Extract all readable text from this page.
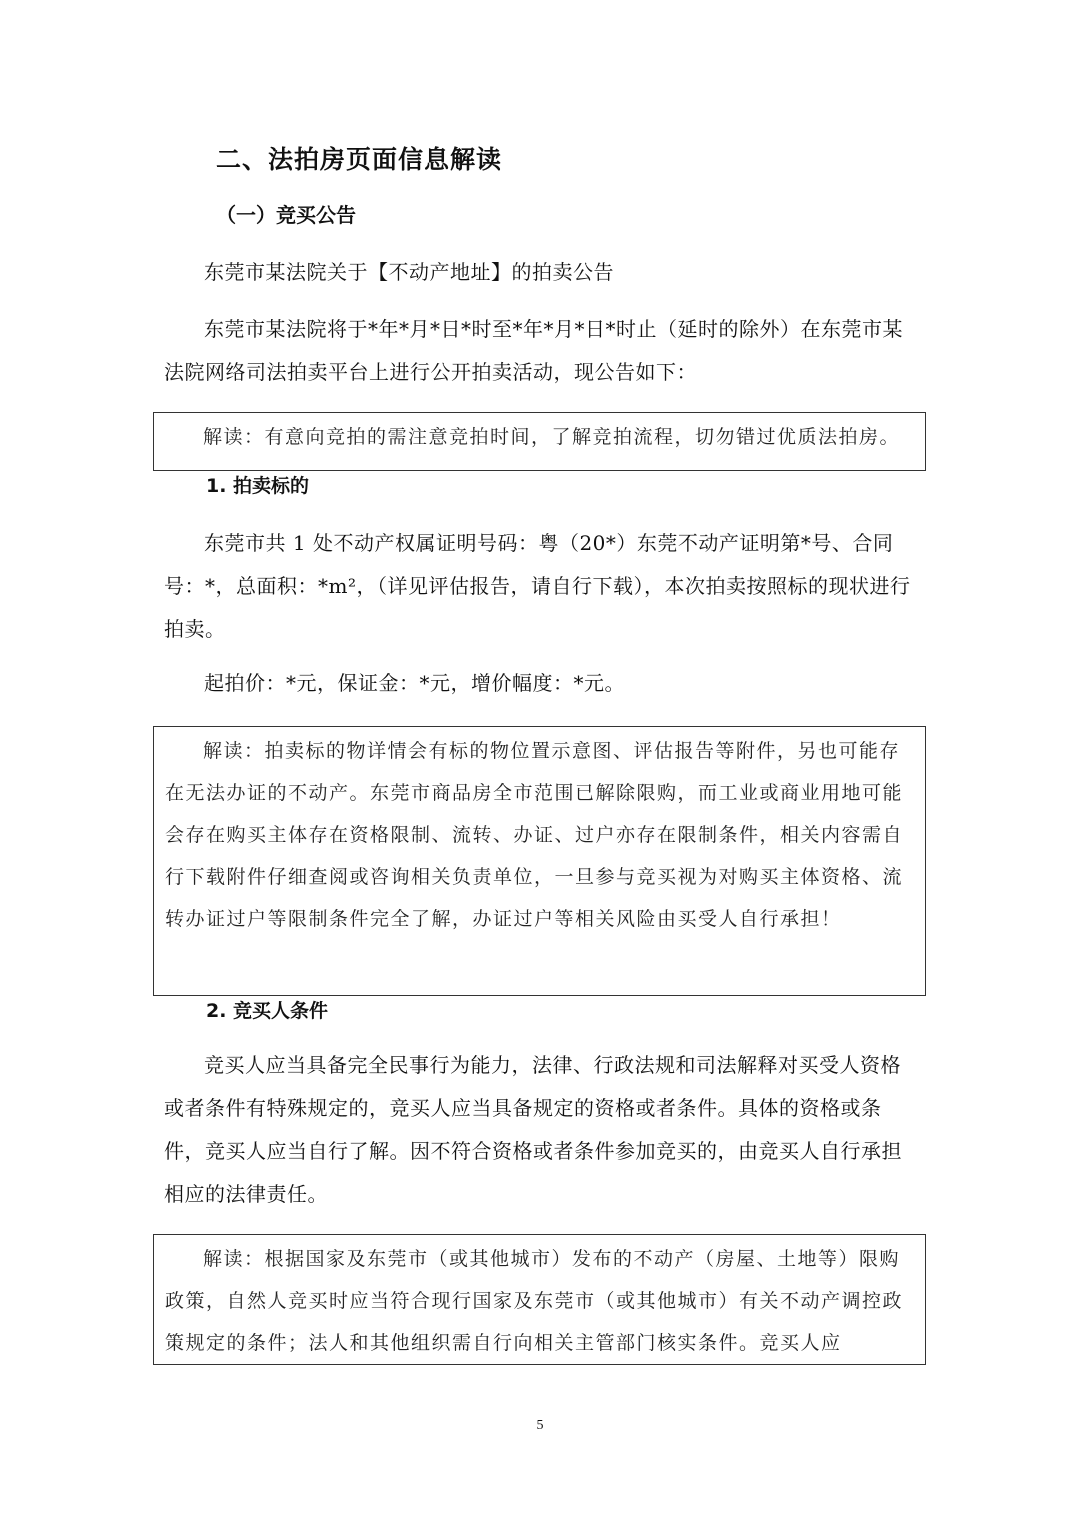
二、法拍房页面信息解读
（一）竞买公告

东莞市某法院关于【不动产地址】的拍卖公告

东莞市某法院将于*年*月*日*时至*年*月*日*时止（延时的除外）在东莞市某法院网络司法拍卖平台上进行公开拍卖活动，现公告如下：

解读：有意向竞拍的需注意竞拍时间，了解竞拍流程，切勿错过优质法拍房。

1. 拍卖标的

东莞市共 1 处不动产权属证明号码：粤（20*）东莞不动产证明第*号、合同号：*，总面积：*m²，（详见评估报告，请自行下载），本次拍卖按照标的现状进行拍卖。

起拍价：*元，保证金：*元，增价幅度：*元。

解读：拍卖标的物详情会有标的物位置示意图、评估报告等附件，另也可能存在无法办证的不动产。东莞市商品房全市范围已解除限购，而工业或商业用地可能会存在购买主体存在资格限制、流转、办证、过户亦存在限制条件，相关内容需自行下载附件仔细查阅或咨询相关负责单位，一旦参与竞买视为对购买主体资格、流转办证过户等限制条件完全了解，办证过户等相关风险由买受人自行承担！

2. 竞买人条件

竞买人应当具备完全民事行为能力，法律、行政法规和司法解释对买受人资格或者条件有特殊规定的，竞买人应当具备规定的资格或者条件。具体的资格或条件，竞买人应当自行了解。因不符合资格或者条件参加竞买的，由竞买人自行承担相应的法律责任。

解读：根据国家及东莞市（或其他城市）发布的不动产（房屋、土地等）限购政策，自然人竞买时应当符合现行国家及东莞市（或其他城市）有关不动产调控政策规定的条件；法人和其他组织需自行向相关主管部门核实条件。竞买人应

5
